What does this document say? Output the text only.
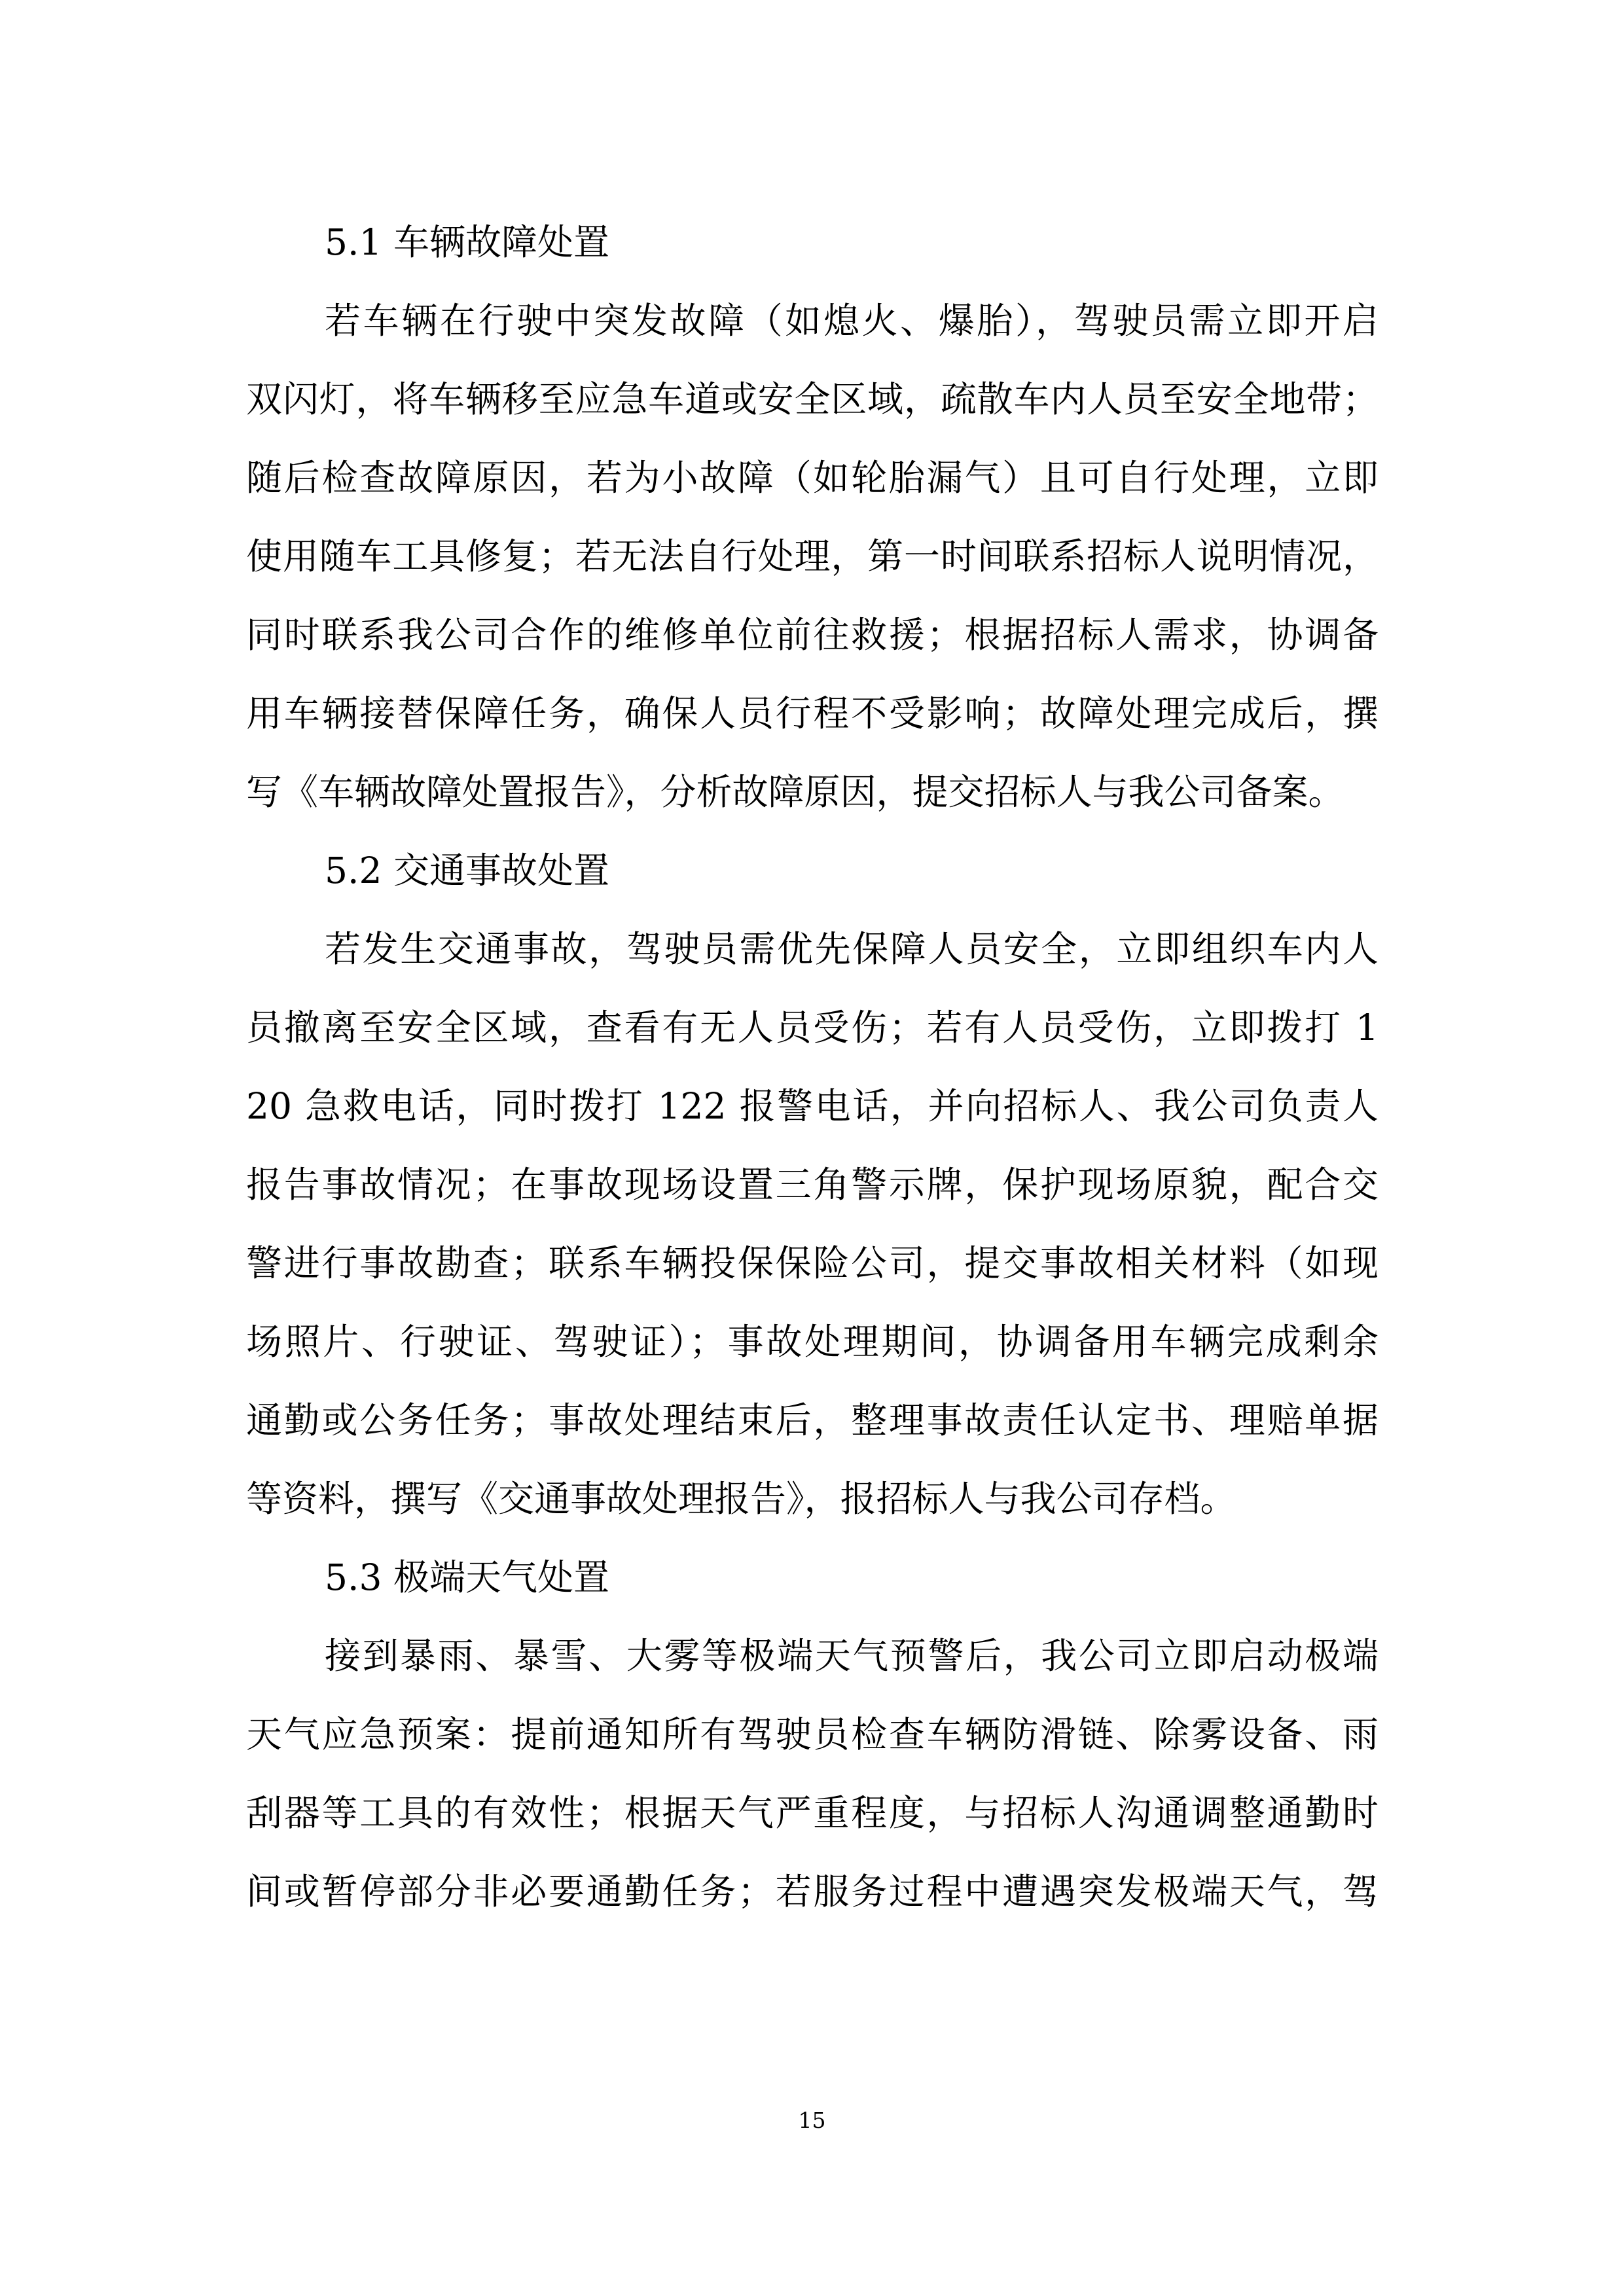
5.1 车辆故障处置
若车辆在行驶中突发故障（如熄火、爆胎），驾驶员需立即开启
双闪灯，将车辆移至应急车道或安全区域，疏散车内人员至安全地带；
随后检查故障原因，若为小故障（如轮胎漏气）且可自行处理，立即
使用随车工具修复；若无法自行处理，第一时间联系招标人说明情况，
同时联系我公司合作的维修单位前往救援；根据招标人需求，协调备
用车辆接替保障任务，确保人员行程不受影响；故障处理完成后，撰
写《车辆故障处置报告》，分析故障原因，提交招标人与我公司备案。
5.2 交通事故处置
若发生交通事故，驾驶员需优先保障人员安全，立即组织车内人
员撤离至安全区域，查看有无人员受伤；若有人员受伤，立即拨打 1
20 急救电话，同时拨打 122 报警电话，并向招标人、我公司负责人
报告事故情况；在事故现场设置三角警示牌，保护现场原貌，配合交
警进行事故勘查；联系车辆投保保险公司，提交事故相关材料（如现
场照片、行驶证、驾驶证）；事故处理期间，协调备用车辆完成剩余
通勤或公务任务；事故处理结束后，整理事故责任认定书、理赔单据
等资料，撰写《交通事故处理报告》，报招标人与我公司存档。
5.3 极端天气处置
接到暴雨、暴雪、大雾等极端天气预警后，我公司立即启动极端
天气应急预案：提前通知所有驾驶员检查车辆防滑链、除雾设备、雨
刮器等工具的有效性；根据天气严重程度，与招标人沟通调整通勤时
间或暂停部分非必要通勤任务；若服务过程中遭遇突发极端天气，驾
15
